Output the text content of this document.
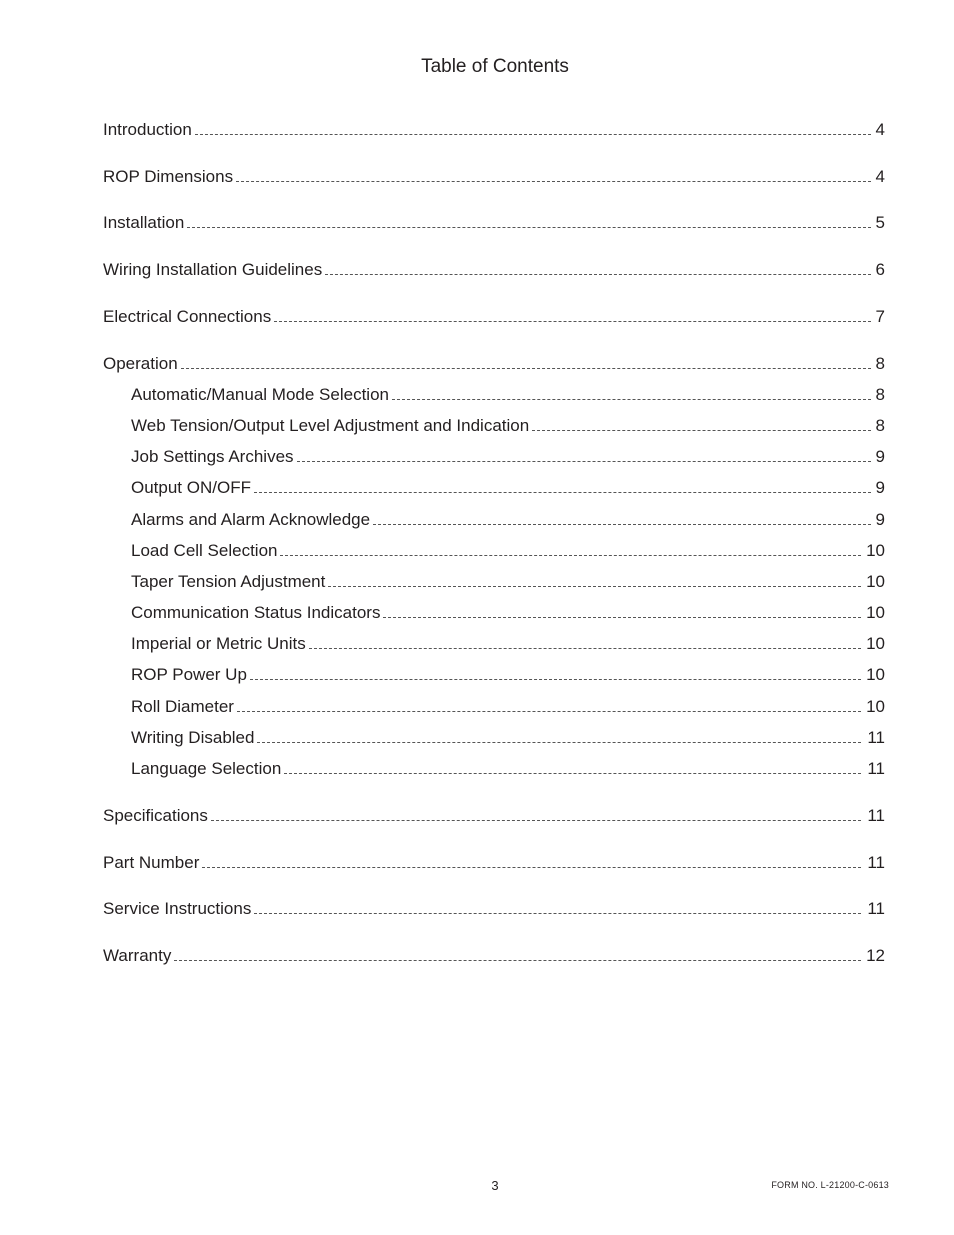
Table of Contents
Introduction	4
ROP Dimensions	4
Installation	5
Wiring Installation Guidelines	6
Electrical Connections	7
Operation	8
Automatic/Manual Mode Selection	8
Web Tension/Output Level Adjustment and Indication	8
Job Settings Archives	9
Output ON/OFF	9
Alarms and Alarm Acknowledge	9
Load Cell Selection	10
Taper Tension Adjustment	10
Communication Status Indicators	10
Imperial or Metric Units	10
ROP Power Up	10
Roll Diameter	10
Writing Disabled	11
Language Selection	11
Specifications	11
Part Number	11
Service Instructions	11
Warranty	12
3	FORM NO. L-21200-C-0613
